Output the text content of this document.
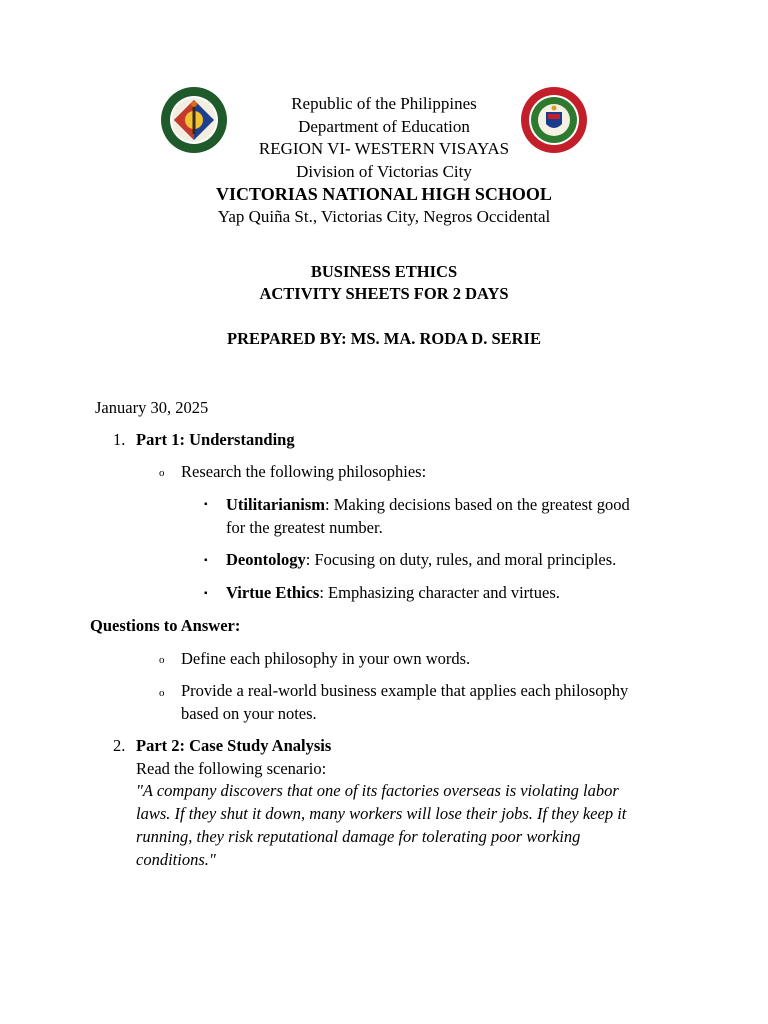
Republic of the Philippines
Department of Education
REGION VI- WESTERN VISAYAS
Division of Victorias City
VICTORIAS NATIONAL HIGH SCHOOL
Yap Quiña St., Victorias City, Negros Occidental
BUSINESS ETHICS
ACTIVITY SHEETS FOR 2 DAYS
PREPARED BY: MS. MA. RODA D. SERIE
January 30, 2025
1. Part 1: Understanding
o Research the following philosophies:
▪ Utilitarianism: Making decisions based on the greatest good
for the greatest number.
▪ Deontology: Focusing on duty, rules, and moral principles.
▪ Virtue Ethics: Emphasizing character and virtues.
Questions to Answer:
o Define each philosophy in your own words.
o Provide a real-world business example that applies each philosophy
based on your notes.
2. Part 2: Case Study Analysis
Read the following scenario:
"A company discovers that one of its factories overseas is violating labor
laws. If they shut it down, many workers will lose their jobs. If they keep it
running, they risk reputational damage for tolerating poor working
conditions."
